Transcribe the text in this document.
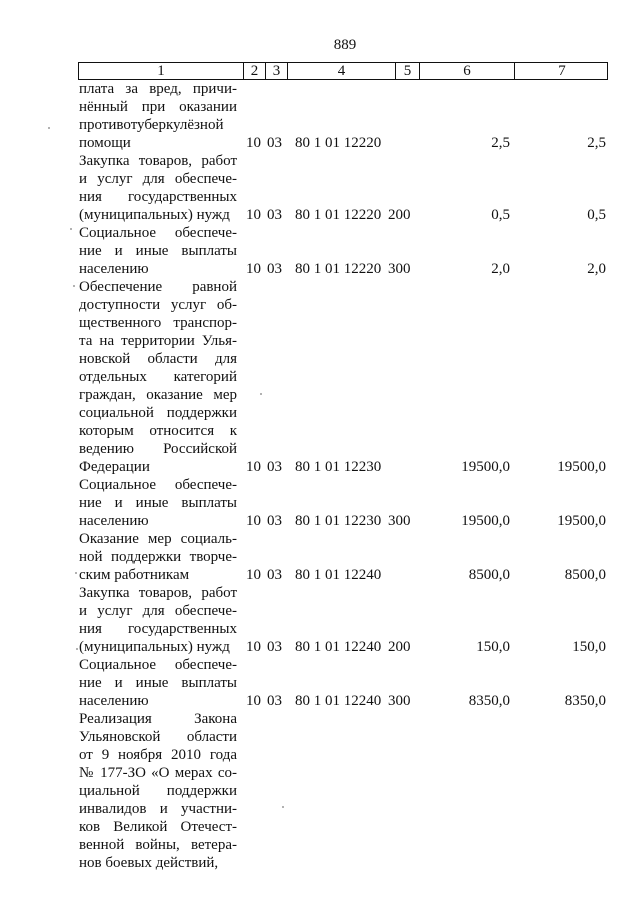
889
1	2 3	4	5	6	7
плата за вред, причи-
нённый при оказании
противотуберкулёзной
помощи	10 03 80 1 01 12220	2,5	2,5
Закупка товаров, работ
и услуг для обеспече-
ния государственных
(муниципальных) нужд	10 03 80 1 01 12220 200	0,5	0,5
Социальное обеспече-
ние и иные выплаты
населению	10 03 80 1 01 12220 300	2,0	2,0
Обеспечение равной
доступности услуг об-
щественного транспор-
та на территории Улья-
новской области для
отдельных категорий
граждан, оказание мер
социальной поддержки
которым относится к
ведению Российской
Федерации	10 03 80 1 01 12230	19500,0	19500,0
Социальное обеспече-
ние и иные выплаты
населению	10 03 80 1 01 12230 300	19500,0	19500,0
Оказание мер социаль-
ной поддержки творче-
ским работникам	10 03 80 1 01 12240	8500,0	8500,0
Закупка товаров, работ
и услуг для обеспече-
ния государственных
(муниципальных) нужд	10 03 80 1 01 12240 200	150,0	150,0
Социальное обеспече-
ние и иные выплаты
населению	10 03 80 1 01 12240 300	8350,0	8350,0
Реализация Закона
Ульяновской области
от 9 ноября 2010 года
№ 177-ЗО «О мерах со-
циальной поддержки
инвалидов и участни-
ков Великой Отечест-
венной войны, ветера-
нов боевых действий,
